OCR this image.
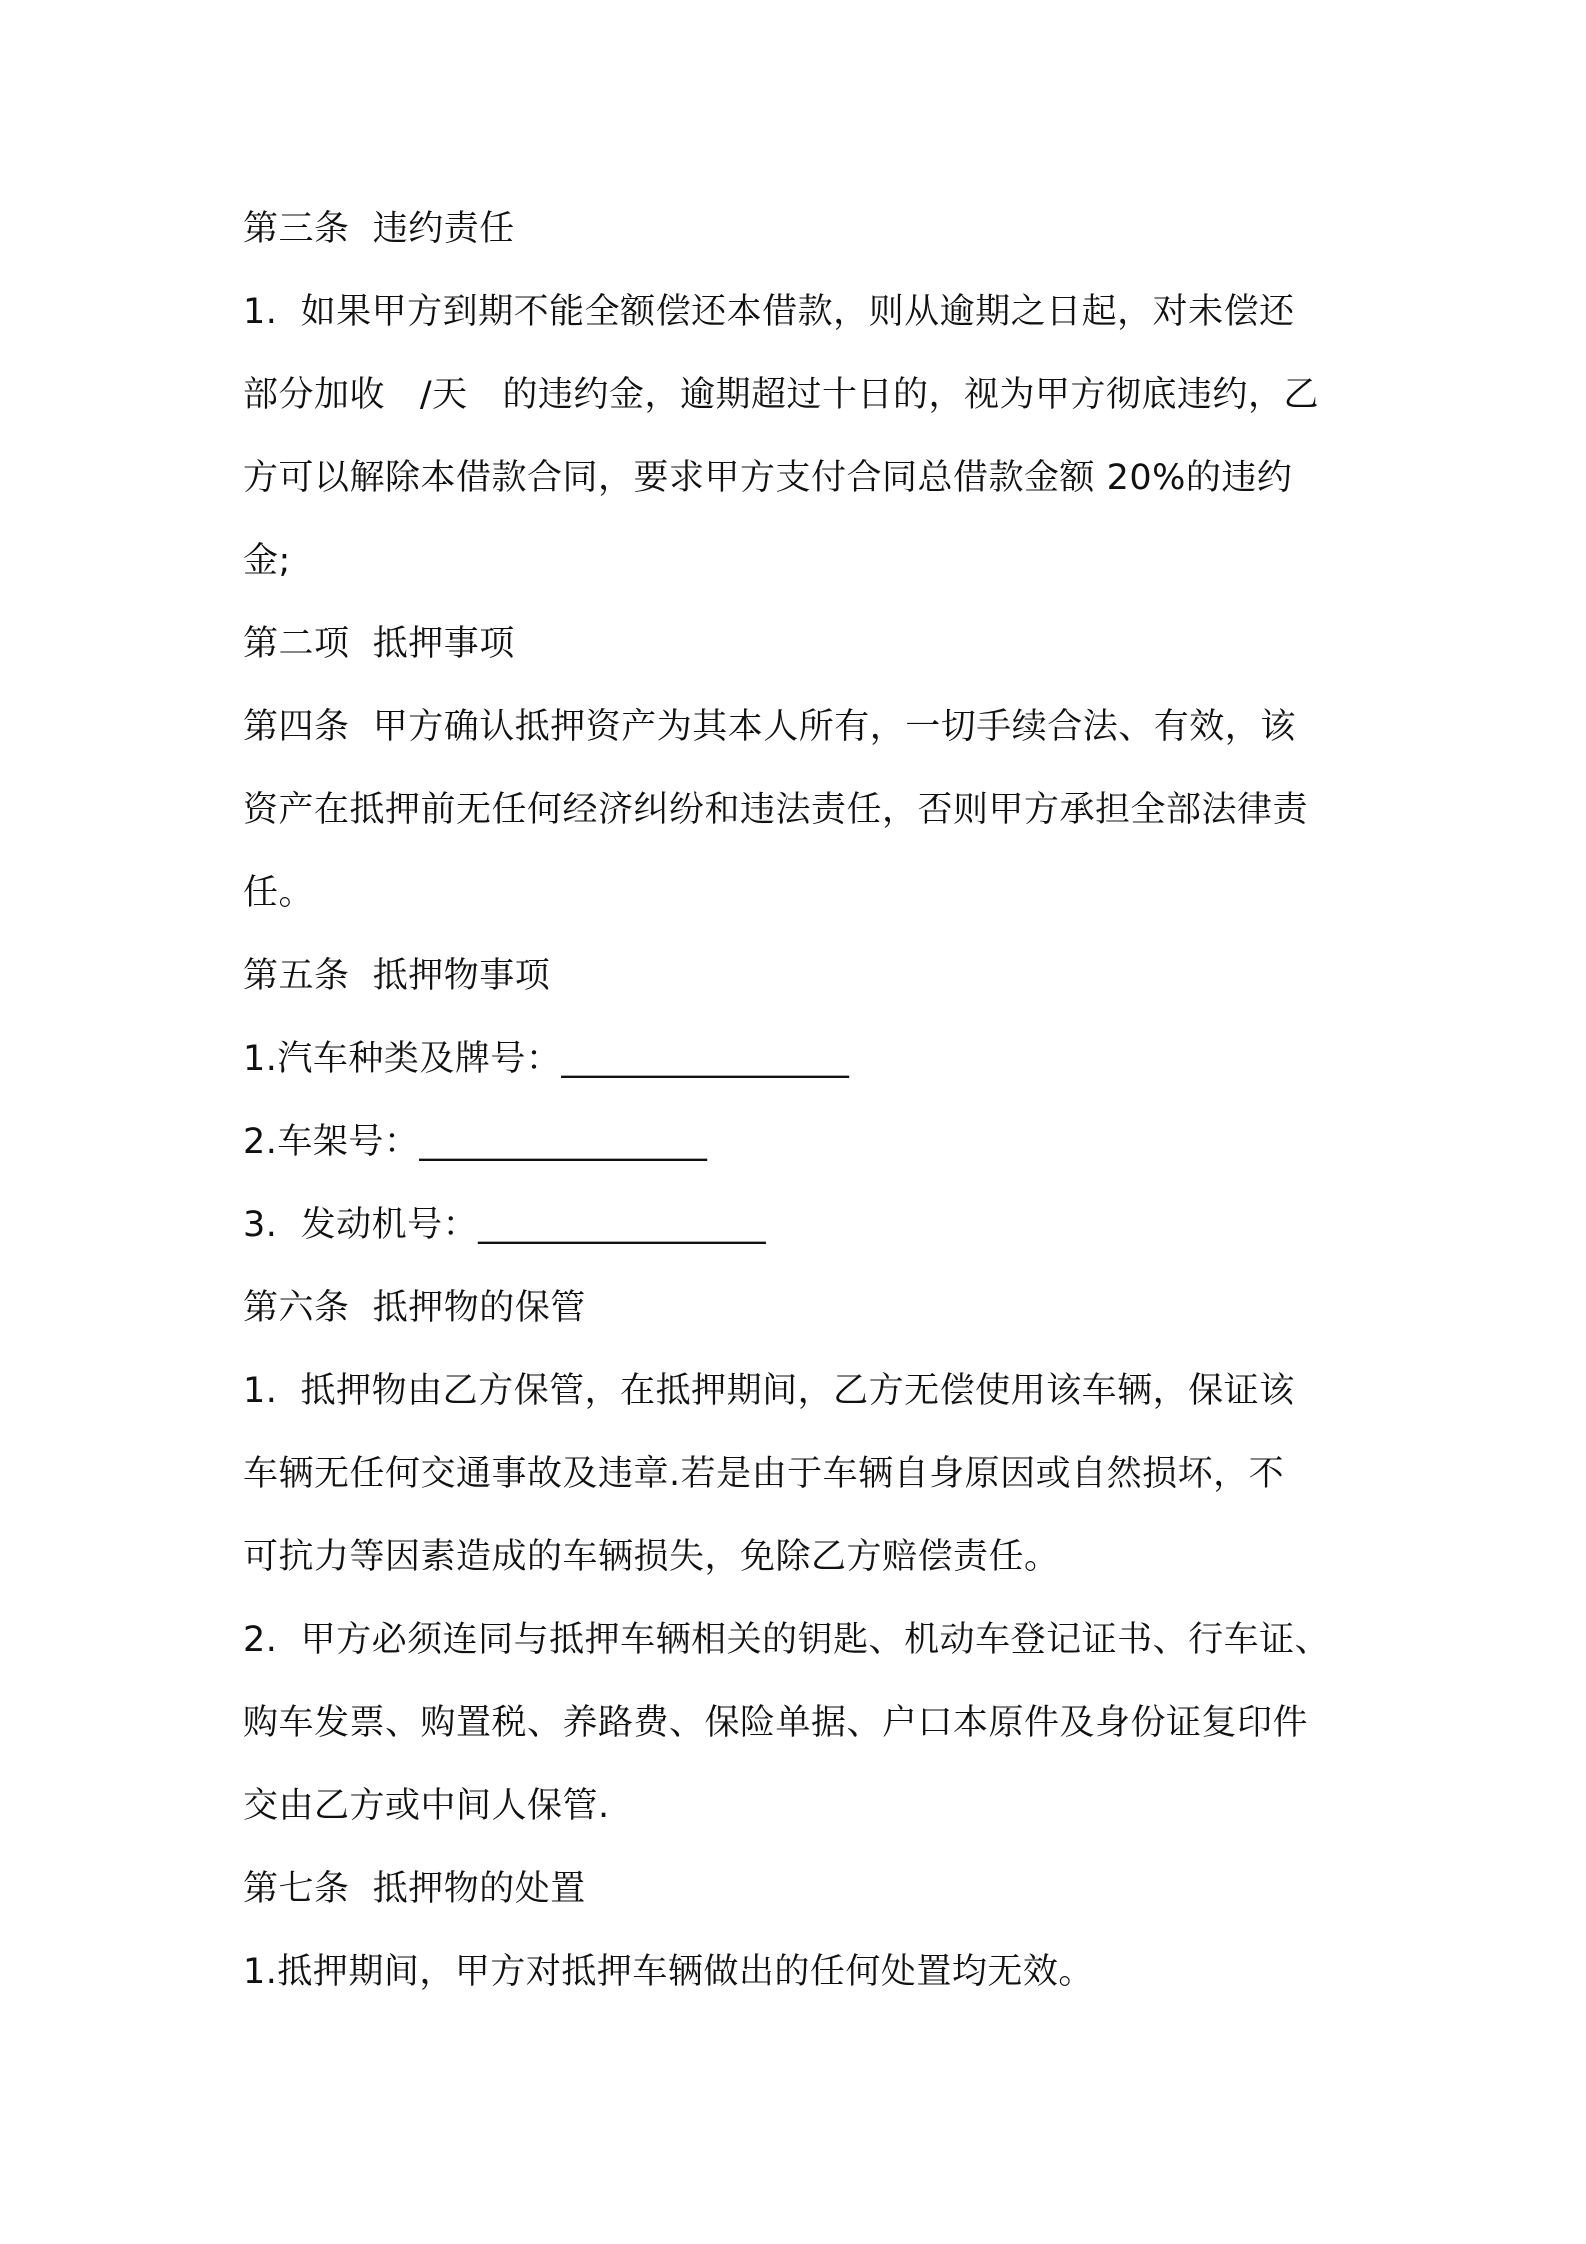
第三条  违约责任
1.  如果甲方到期不能全额偿还本借款，则从逾期之日起，对未偿还
部分加收   /天   的违约金，逾期超过十日的，视为甲方彻底违约，乙
方可以解除本借款合同，要求甲方支付合同总借款金额 20%的违约
金;
第二项  抵押事项
第四条  甲方确认抵押资产为其本人所有，一切手续合法、有效，该
资产在抵押前无任何经济纠纷和违法责任，否则甲方承担全部法律责
任。
第五条  抵押物事项
1.汽车种类及牌号：________________
2.车架号：________________
3.  发动机号：________________
第六条  抵押物的保管
1.  抵押物由乙方保管，在抵押期间，乙方无偿使用该车辆，保证该
车辆无任何交通事故及违章.若是由于车辆自身原因或自然损坏，不
可抗力等因素造成的车辆损失，免除乙方赔偿责任。
2.  甲方必须连同与抵押车辆相关的钥匙、机动车登记证书、行车证、
购车发票、购置税、养路费、保险单据、户口本原件及身份证复印件
交由乙方或中间人保管.
第七条  抵押物的处置
1.抵押期间，甲方对抵押车辆做出的任何处置均无效。
